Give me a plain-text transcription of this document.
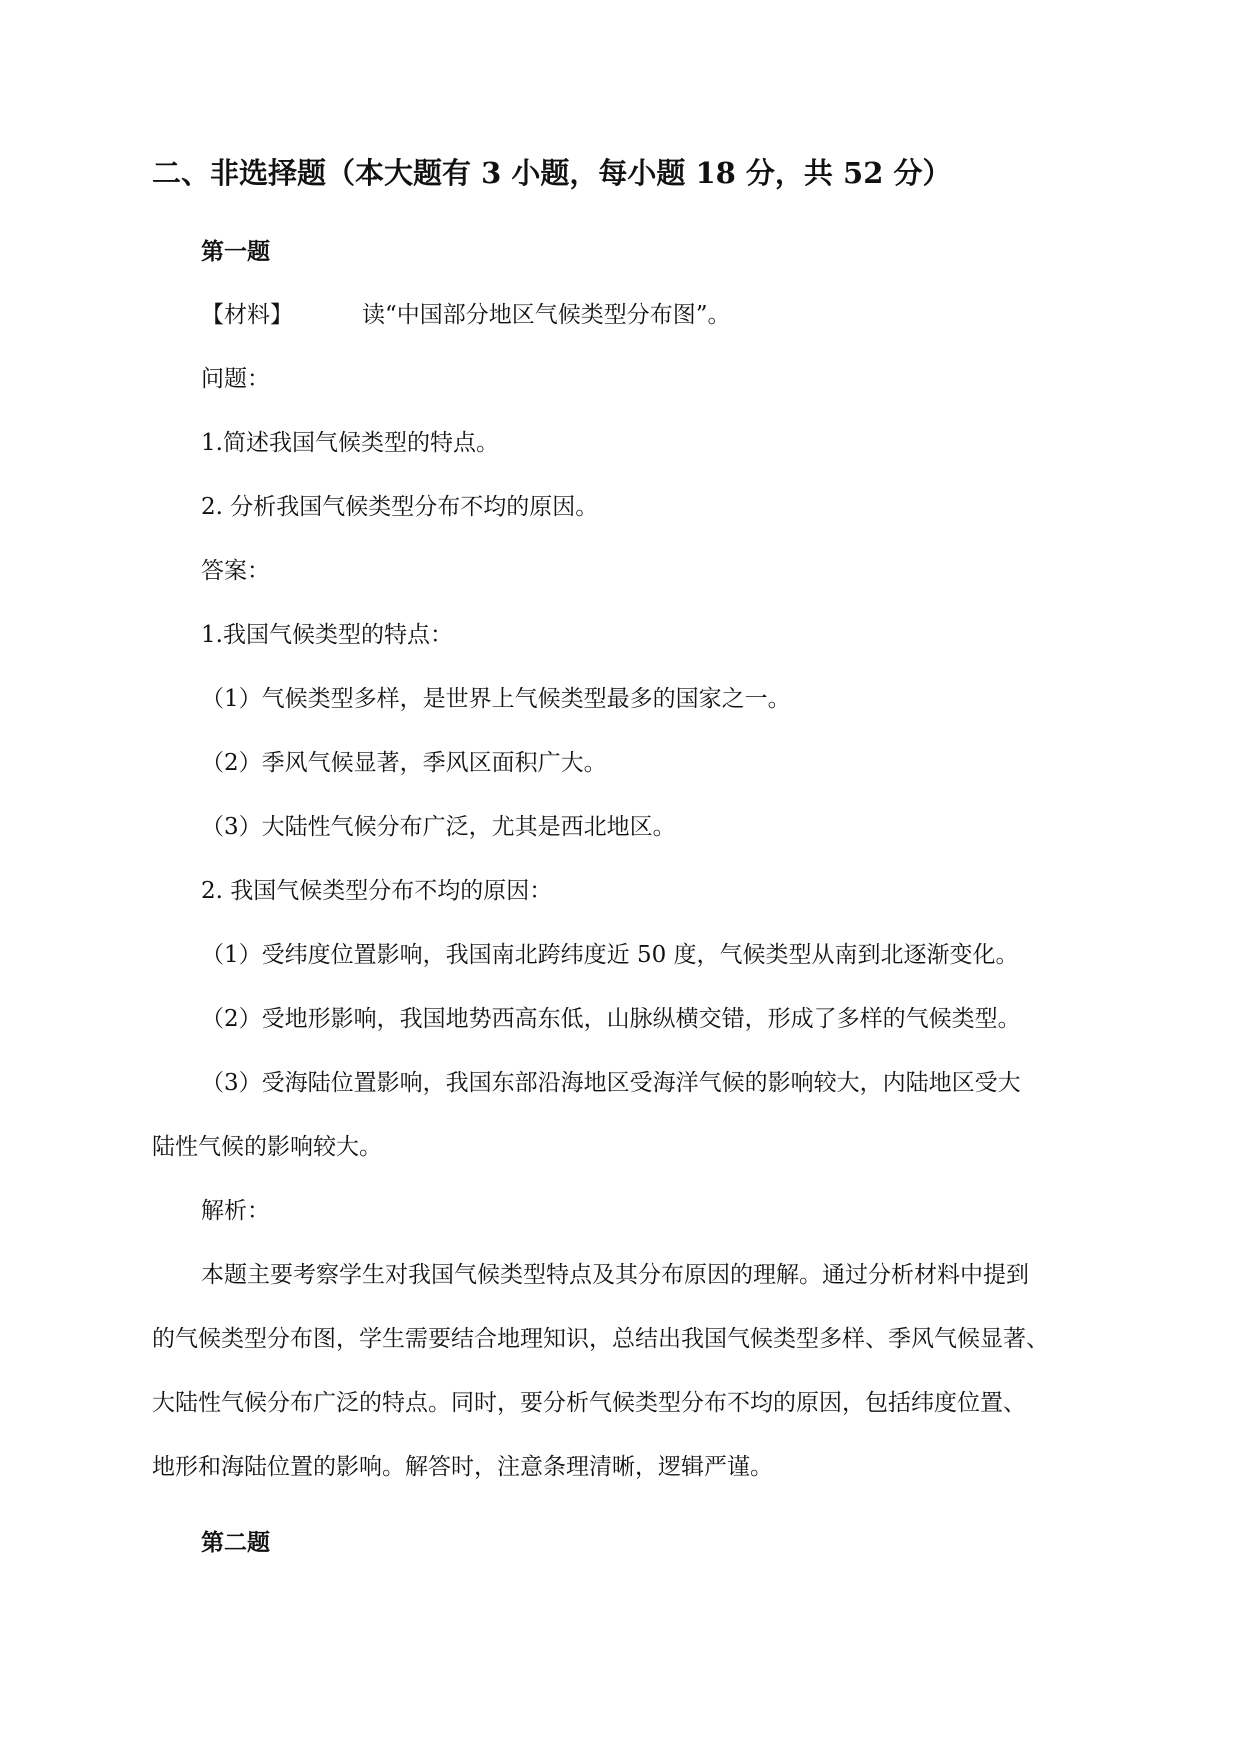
二、非选择题（本大题有 3 小题，每小题 18 分，共 52 分）
第一题
【材料】	读“中国部分地区气候类型分布图”。
问题：
1.简述我国气候类型的特点。
2. 分析我国气候类型分布不均的原因。
答案：
1.我国气候类型的特点：
（1）气候类型多样，是世界上气候类型最多的国家之一。
（2）季风气候显著，季风区面积广大。
（3）大陆性气候分布广泛，尤其是西北地区。
2. 我国气候类型分布不均的原因：
（1）受纬度位置影响，我国南北跨纬度近 50 度，气候类型从南到北逐渐变化。
（2）受地形影响，我国地势西高东低，山脉纵横交错，形成了多样的气候类型。
（3）受海陆位置影响，我国东部沿海地区受海洋气候的影响较大，内陆地区受大
陆性气候的影响较大。
解析：
本题主要考察学生对我国气候类型特点及其分布原因的理解。通过分析材料中提到
的气候类型分布图，学生需要结合地理知识，总结出我国气候类型多样、季风气候显著、
大陆性气候分布广泛的特点。同时，要分析气候类型分布不均的原因，包括纬度位置、
地形和海陆位置的影响。解答时，注意条理清晰，逻辑严谨。
第二题
